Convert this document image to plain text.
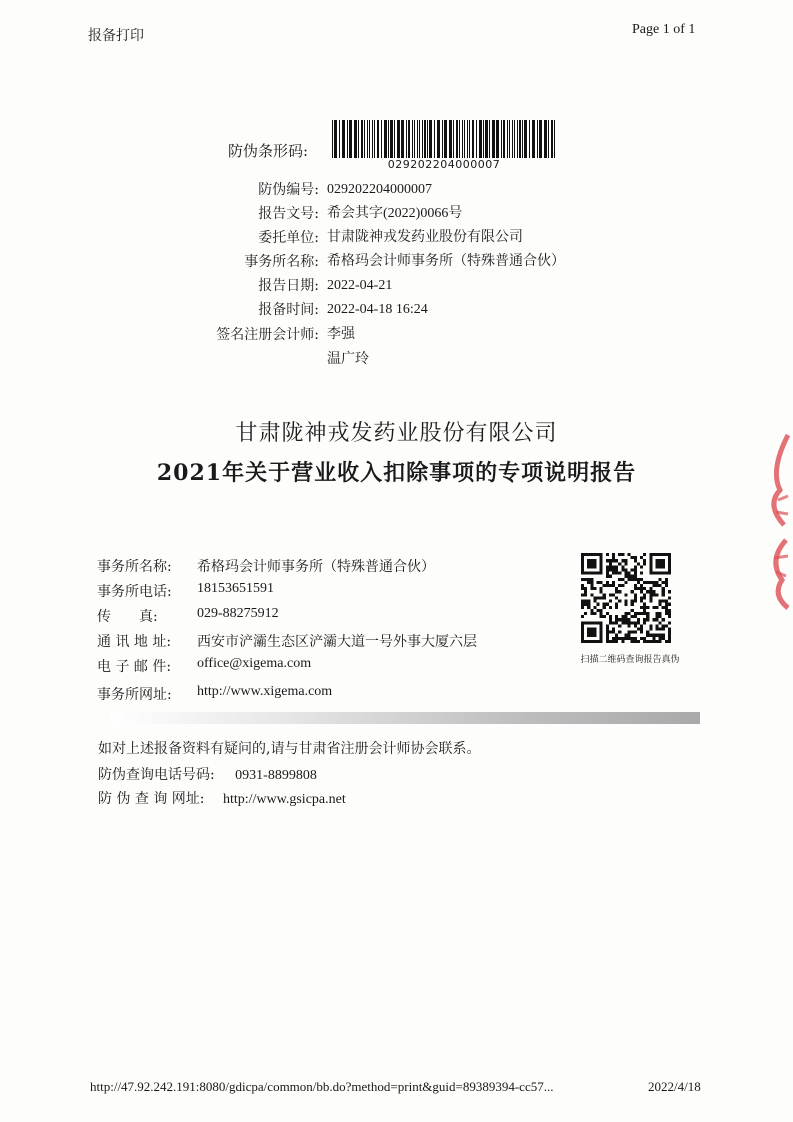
报备打印	Page 1 of 1
防伪条形码:
029202204000007
防伪编号: 029202204000007
报告文号: 希会其字(2022)0066号
委托单位: 甘肃陇神戎发药业股份有限公司
事务所名称: 希格玛会计师事务所（特殊普通合伙）
报告日期: 2022-04-21
报备时间: 2022-04-18 16:24
签名注册会计师: 李强
温广玲
甘肃陇神戎发药业股份有限公司
2021年关于营业收入扣除事项的专项说明报告
事务所名称: 希格玛会计师事务所（特殊普通合伙）
事务所电话: 18153651591
传　　真:	029-88275912
通 讯 地 址: 西安市浐灞生态区浐灞大道一号外事大厦六层
电 子 邮 件: office@xigema.com
事务所网址: http://www.xigema.com
扫描二维码查询报告真伪
如对上述报备资料有疑问的,请与甘肃省注册会计师协会联系。
防伪查询电话号码: 0931-8899808
防 伪 查 询 网址: http://www.gsicpa.net
http://47.92.242.191:8080/gdicpa/common/bb.do?method=print&guid=89389394-cc57...	2022/4/18
